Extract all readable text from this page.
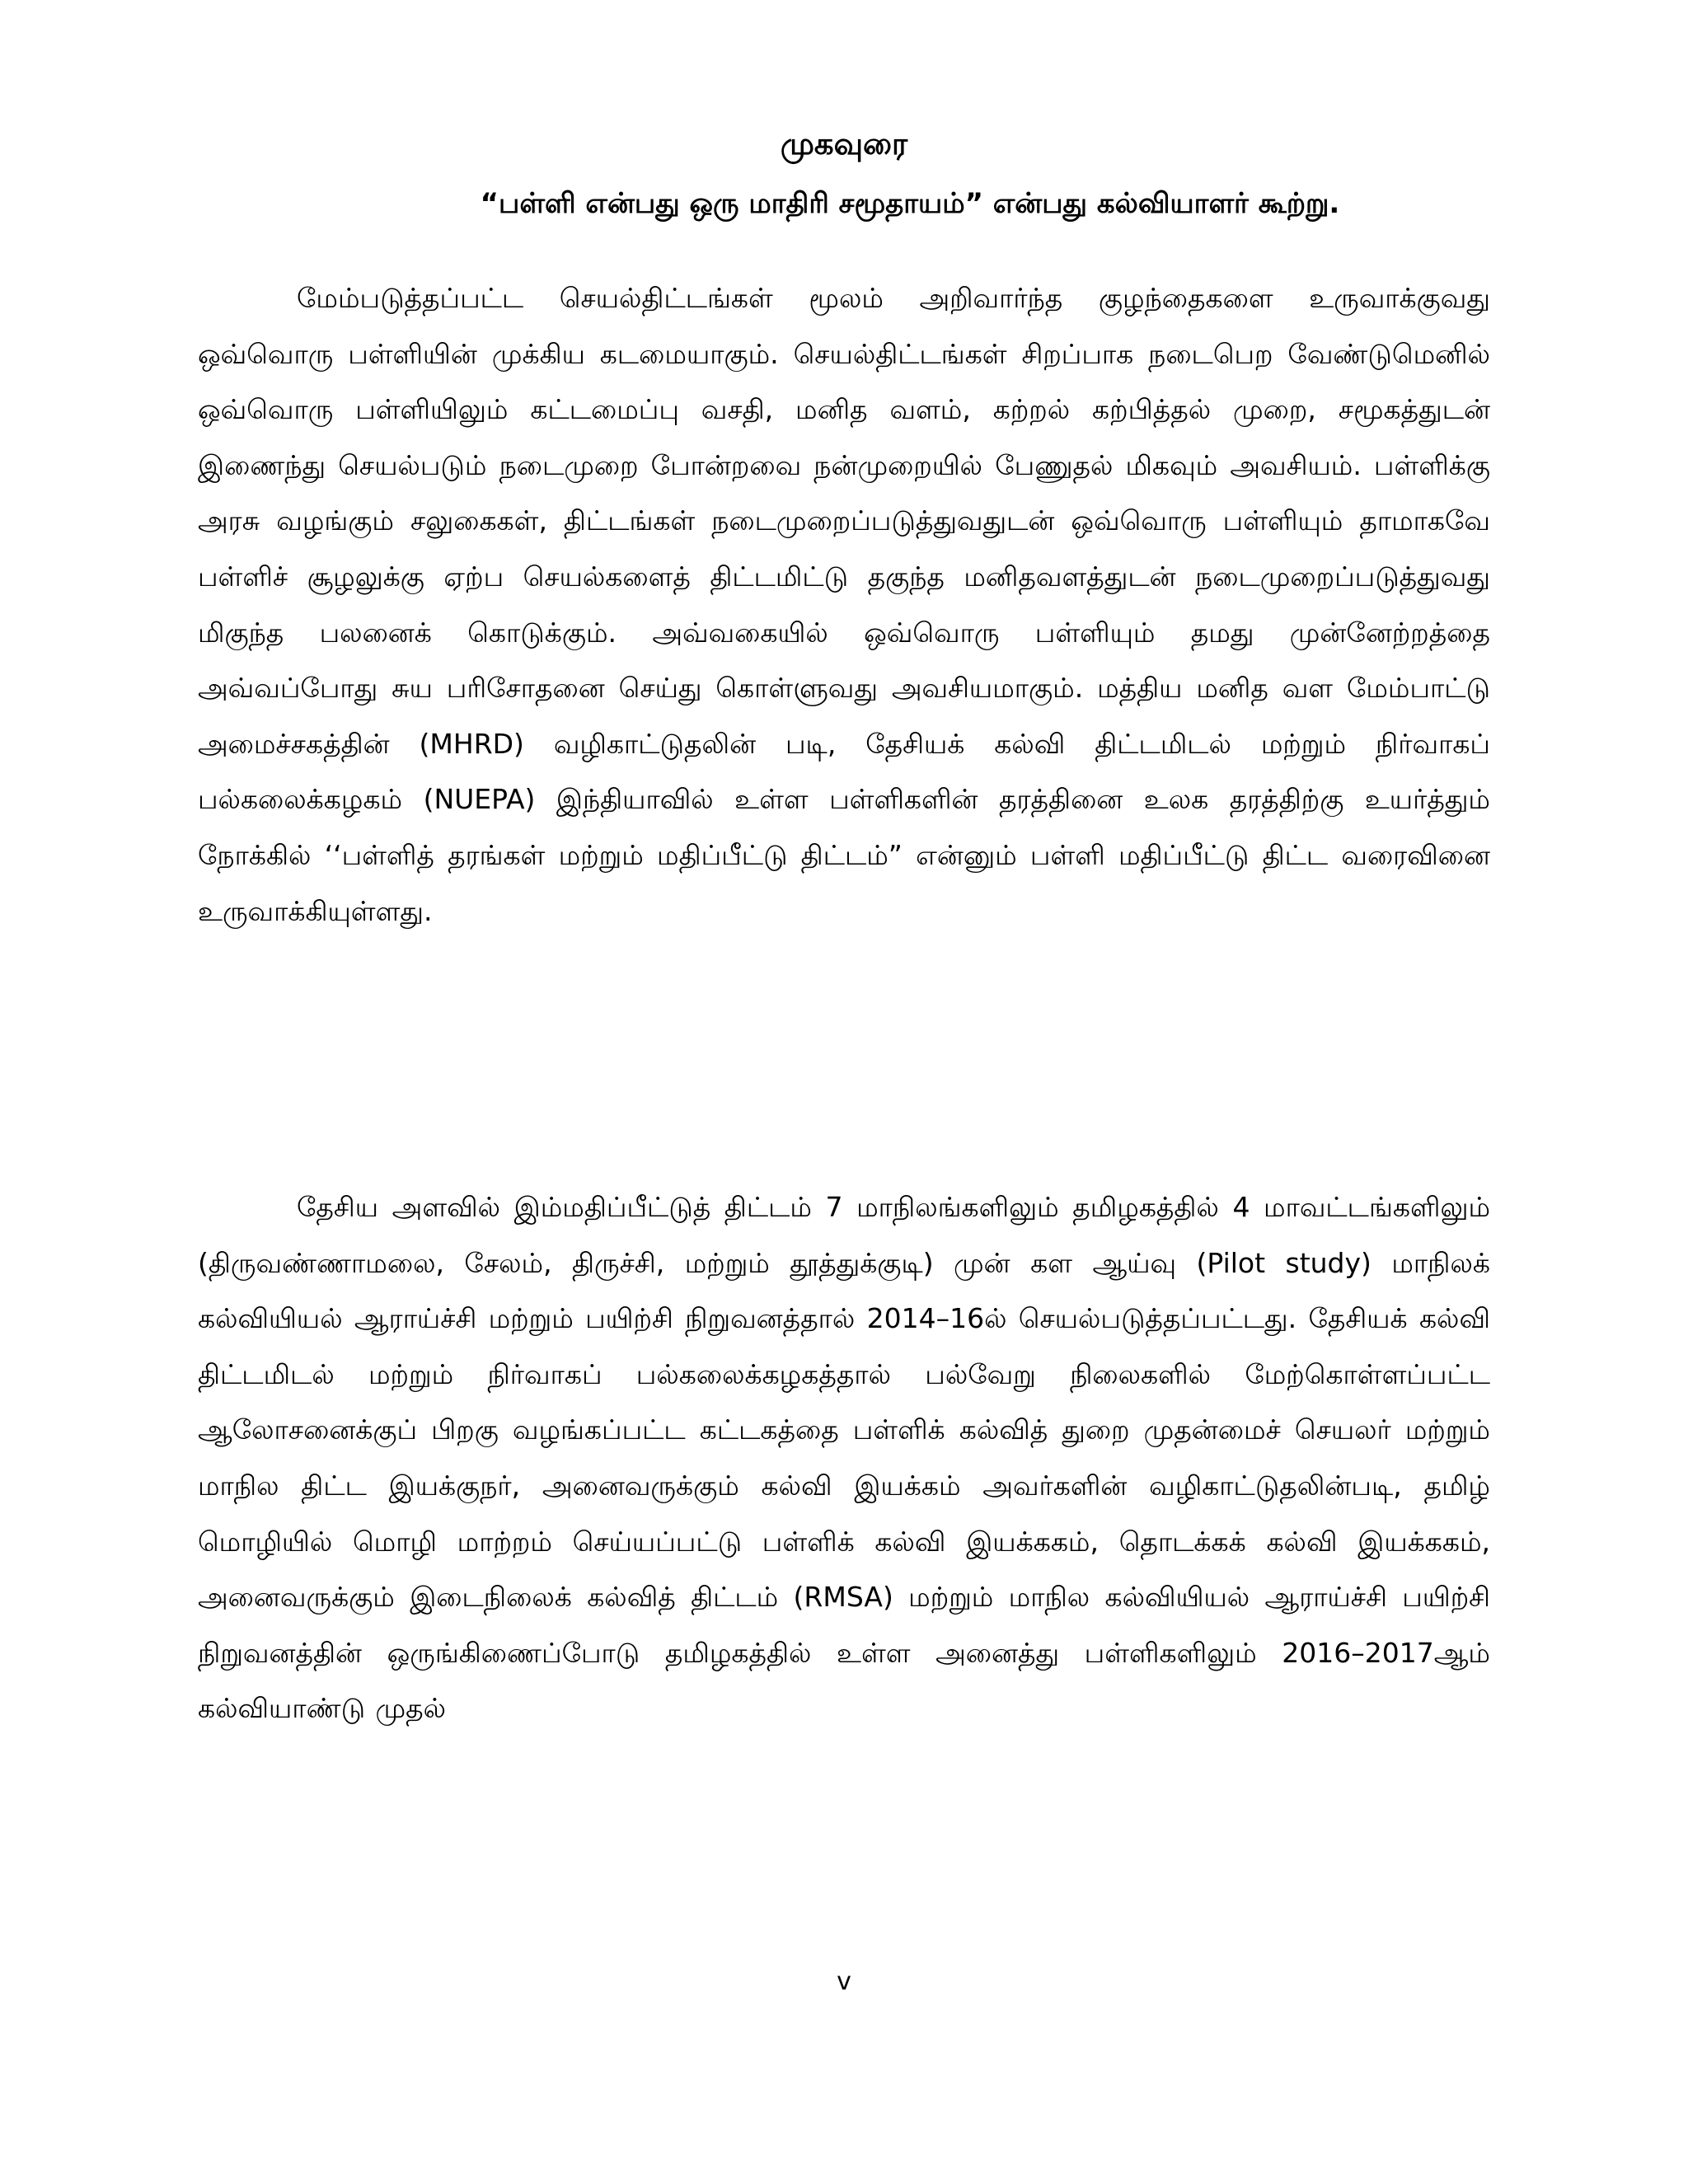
முகவுரை
“பள்ளி என்பது ஒரு மாதிரி சமூதாயம்” என்பது கல்வியாளர் கூற்று.

மேம்படுத்தப்பட்ட செயல்திட்டங்கள் மூலம் அறிவார்ந்த குழந்தைகளை உருவாக்குவது ஒவ்வொரு பள்ளியின் முக்கிய கடமையாகும். செயல்திட்டங்கள் சிறப்பாக நடைபெற வேண்டுமெனில் ஒவ்வொரு பள்ளியிலும் கட்டமைப்பு வசதி, மனித வளம், கற்றல் கற்பித்தல் முறை, சமூகத்துடன் இணைந்து செயல்படும் நடைமுறை போன்றவை நன்முறையில் பேணுதல் மிகவும் அவசியம். பள்ளிக்கு அரசு வழங்கும் சலுகைகள், திட்டங்கள் நடைமுறைப்படுத்துவதுடன் ஒவ்வொரு பள்ளியும் தாமாகவே பள்ளிச் சூழலுக்கு ஏற்ப செயல்களைத் திட்டமிட்டு தகுந்த மனிதவளத்துடன் நடைமுறைப்படுத்துவது மிகுந்த பலனைக் கொடுக்கும். அவ்வகையில் ஒவ்வொரு பள்ளியும் தமது முன்னேற்றத்தை அவ்வப்போது சுய பரிசோதனை செய்து கொள்ளுவது அவசியமாகும். மத்திய மனித வள மேம்பாட்டு அமைச்சகத்தின் (MHRD) வழிகாட்டுதலின் படி, தேசியக் கல்வி திட்டமிடல் மற்றும் நிர்வாகப் பல்கலைக்கழகம் (NUEPA) இந்தியாவில் உள்ள பள்ளிகளின் தரத்தினை உலக தரத்திற்கு உயர்த்தும் நோக்கில் ‘‘பள்ளித் தரங்கள் மற்றும் மதிப்பீட்டு திட்டம்” என்னும் பள்ளி மதிப்பீட்டு திட்ட வரைவினை உருவாக்கியுள்ளது.

தேசிய அளவில் இம்மதிப்பீட்டுத் திட்டம் 7 மாநிலங்களிலும் தமிழகத்தில் 4 மாவட்டங்களிலும் (திருவண்ணாமலை, சேலம், திருச்சி, மற்றும் தூத்துக்குடி) முன் கள ஆய்வு (Pilot study) மாநிலக் கல்வியியல் ஆராய்ச்சி மற்றும் பயிற்சி நிறுவனத்தால் 2014–16ல் செயல்படுத்தப்பட்டது. தேசியக் கல்வி திட்டமிடல் மற்றும் நிர்வாகப் பல்கலைக்கழகத்தால் பல்வேறு நிலைகளில் மேற்கொள்ளப்பட்ட ஆலோசனைக்குப் பிறகு வழங்கப்பட்ட கட்டகத்தை பள்ளிக் கல்வித் துறை முதன்மைச் செயலர் மற்றும் மாநில திட்ட இயக்குநர், அனைவருக்கும் கல்வி இயக்கம் அவர்களின் வழிகாட்டுதலின்படி, தமிழ் மொழியில் மொழி மாற்றம் செய்யப்பட்டு பள்ளிக் கல்வி இயக்ககம், தொடக்கக் கல்வி இயக்ககம், அனைவருக்கும் இடைநிலைக் கல்வித் திட்டம் (RMSA) மற்றும் மாநில கல்வியியல் ஆராய்ச்சி பயிற்சி நிறுவனத்தின் ஒருங்கிணைப்போடு தமிழகத்தில் உள்ள அனைத்து பள்ளிகளிலும் 2016–2017ஆம் கல்வியாண்டு முதல்

v
